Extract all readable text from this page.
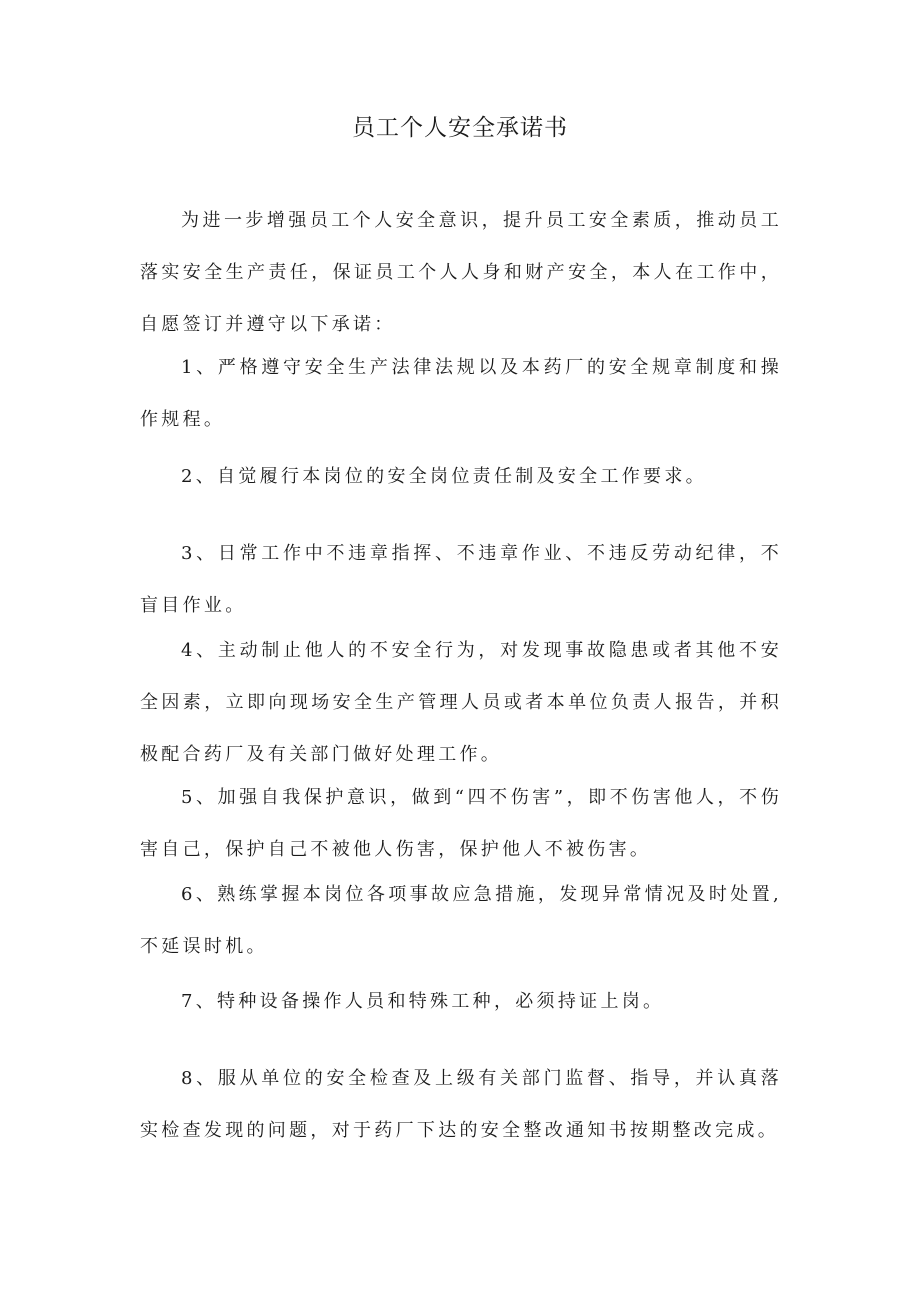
员工个人安全承诺书

为进一步增强员工个人安全意识，提升员工安全素质，推动员工落实安全生产责任，保证员工个人人身和财产安全，本人在工作中，自愿签订并遵守以下承诺：

1、严格遵守安全生产法律法规以及本药厂的安全规章制度和操作规程。

2、自觉履行本岗位的安全岗位责任制及安全工作要求。

3、日常工作中不违章指挥、不违章作业、不违反劳动纪律，不盲目作业。

4、主动制止他人的不安全行为，对发现事故隐患或者其他不安全因素，立即向现场安全生产管理人员或者本单位负责人报告，并积极配合药厂及有关部门做好处理工作。

5、加强自我保护意识，做到“四不伤害”，即不伤害他人，不伤害自己，保护自己不被他人伤害，保护他人不被伤害。

6、熟练掌握本岗位各项事故应急措施，发现异常情况及时处置,不延误时机。

7、特种设备操作人员和特殊工种，必须持证上岗。

8、服从单位的安全检查及上级有关部门监督、指导，并认真落实检查发现的问题，对于药厂下达的安全整改通知书按期整改完成。
